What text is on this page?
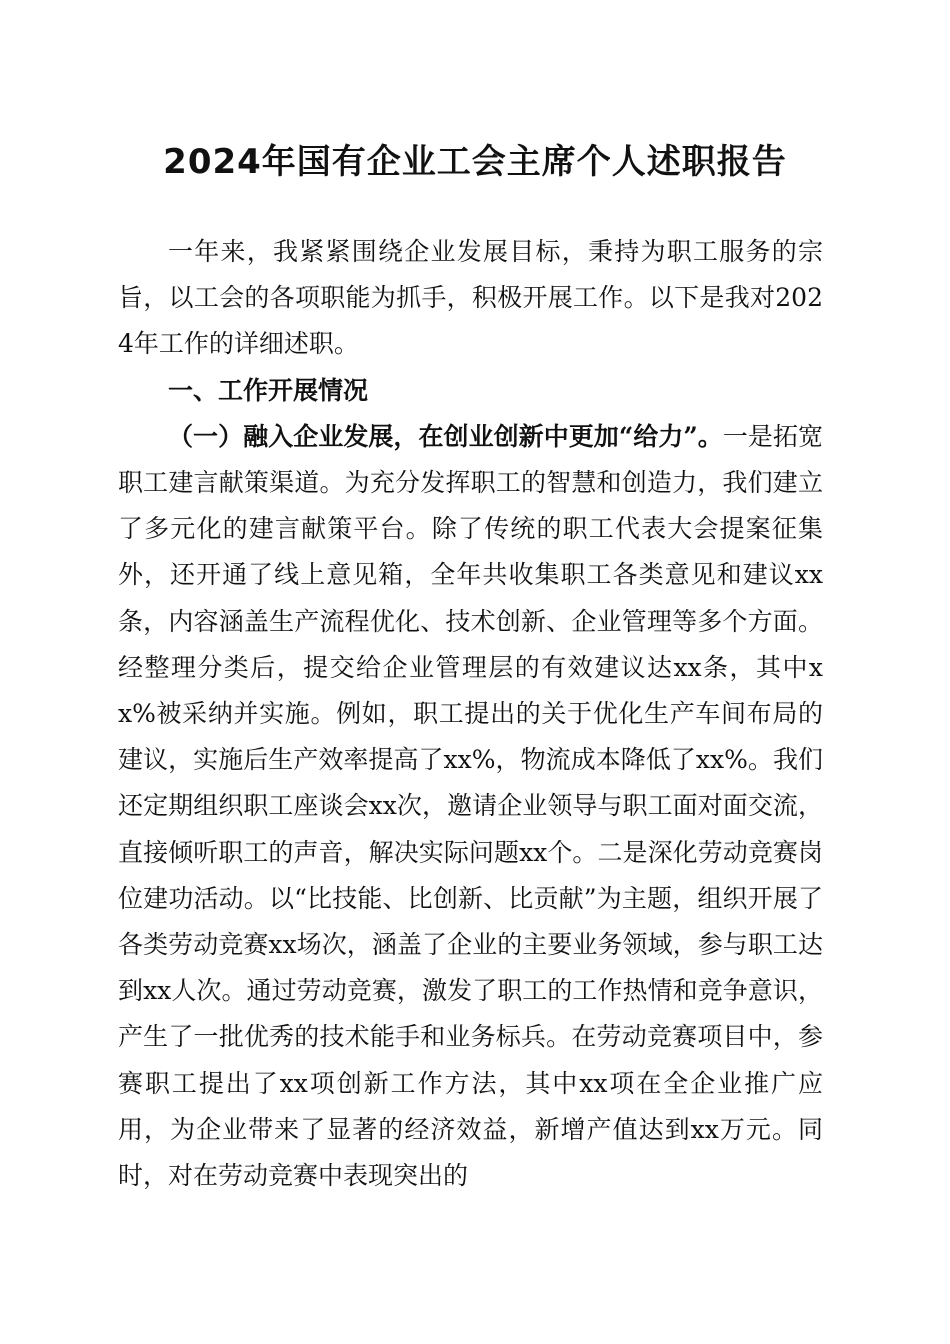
2024年国有企业工会主席个人述职报告

一年来，我紧紧围绕企业发展目标，秉持为职工服务的宗旨，以工会的各项职能为抓手，积极开展工作。以下是我对2024年工作的详细述职。

一、工作开展情况

（一）融入企业发展，在创业创新中更加“给力”。一是拓宽职工建言献策渠道。为充分发挥职工的智慧和创造力，我们建立了多元化的建言献策平台。除了传统的职工代表大会提案征集外，还开通了线上意见箱，全年共收集职工各类意见和建议xx条，内容涵盖生产流程优化、技术创新、企业管理等多个方面。经整理分类后，提交给企业管理层的有效建议达xx条，其中xx%被采纳并实施。例如，职工提出的关于优化生产车间布局的建议，实施后生产效率提高了xx%，物流成本降低了xx%。我们还定期组织职工座谈会xx次，邀请企业领导与职工面对面交流，直接倾听职工的声音，解决实际问题xx个。二是深化劳动竞赛岗位建功活动。以“比技能、比创新、比贡献”为主题，组织开展了各类劳动竞赛xx场次，涵盖了企业的主要业务领域，参与职工达到xx人次。通过劳动竞赛，激发了职工的工作热情和竞争意识，产生了一批优秀的技术能手和业务标兵。在劳动竞赛项目中，参赛职工提出了xx项创新工作方法，其中xx项在全企业推广应用，为企业带来了显著的经济效益，新增产值达到xx万元。同时，对在劳动竞赛中表现突出的
